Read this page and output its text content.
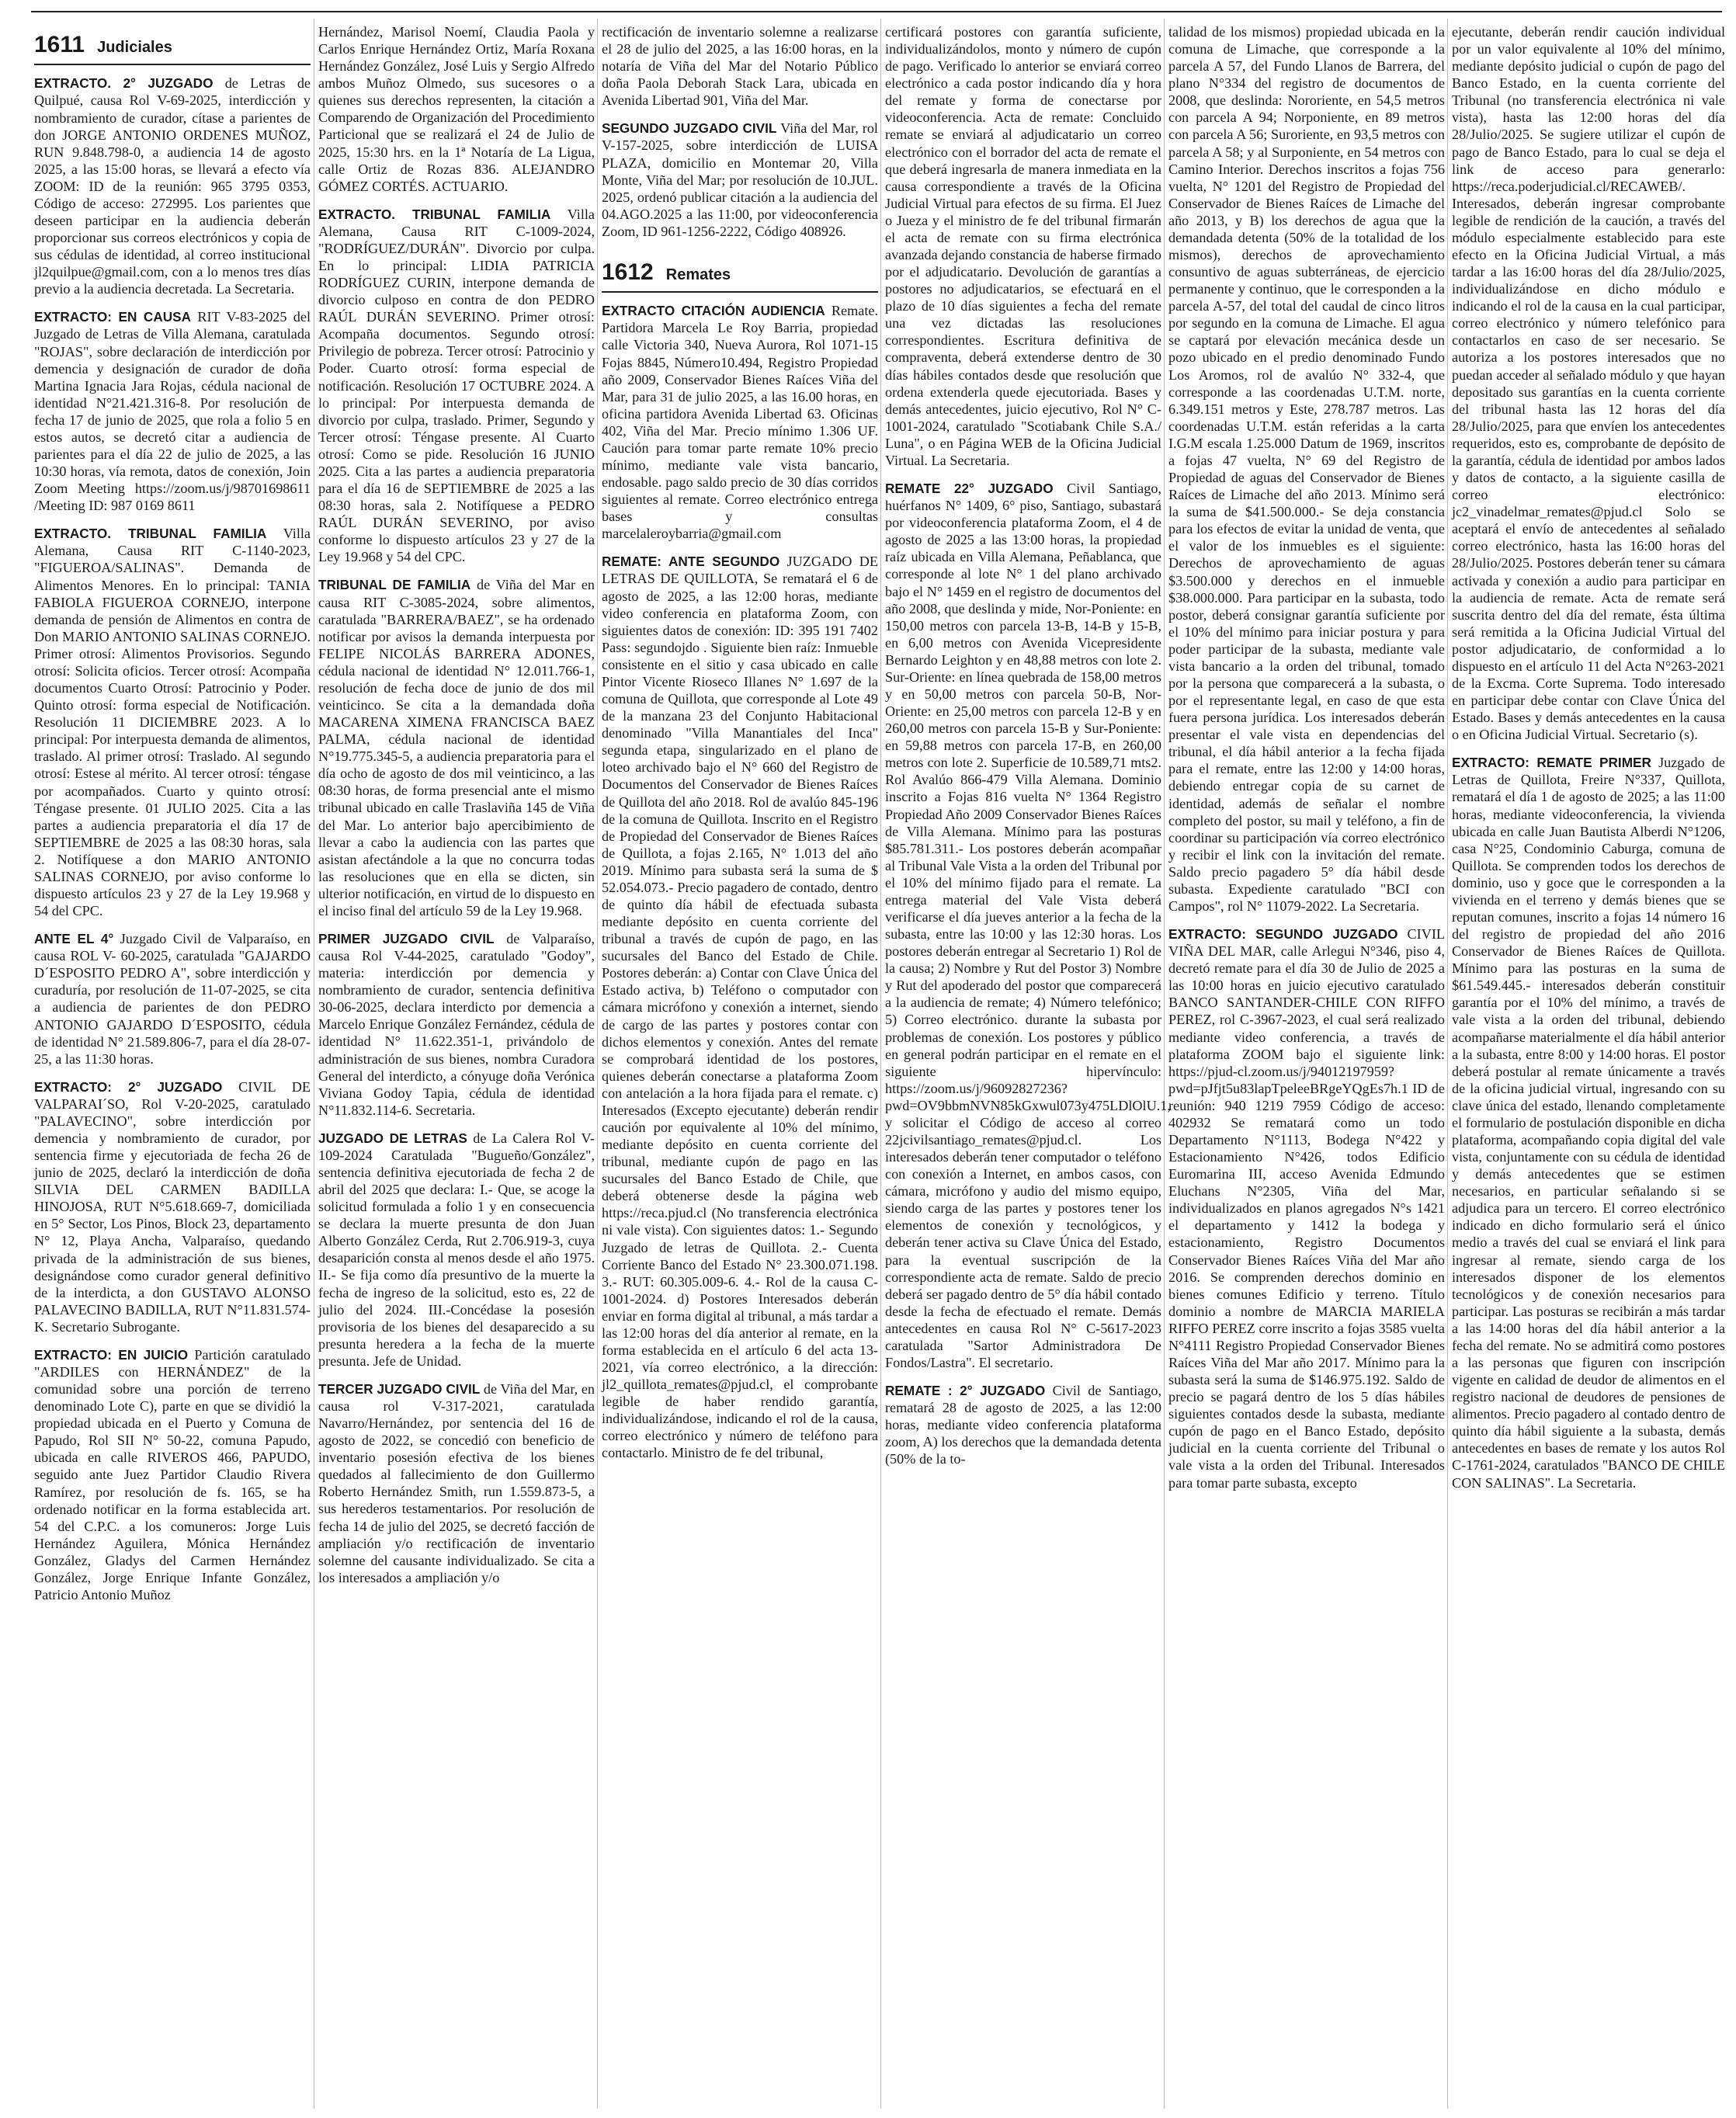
1611 Judiciales

EXTRACTO. 2° JUZGADO de Letras de Quilpué, causa Rol V-69-2025, interdicción y nombramiento de curador, cítase a parientes de don JORGE ANTONIO ORDENES MUÑOZ, RUN 9.848.798-0, a audiencia 14 de agosto 2025, a las 15:00 horas, se llevará a efecto vía ZOOM: ID de la reunión: 965 3795 0353, Código de acceso: 272995. Los parientes que deseen participar en la audiencia deberán proporcionar sus correos electrónicos y copia de sus cédulas de identidad, al correo institucional jl2quilpue@gmail.com, con a lo menos tres días previo a la audiencia decretada. La Secretaria.

EXTRACTO: EN CAUSA RIT V-83-2025 del Juzgado de Letras de Villa Alemana, caratulada "ROJAS", sobre declaración de interdicción por demencia y designación de curador de doña Martina Ignacia Jara Rojas, cédula nacional de identidad N°21.421.316-8. Por resolución de fecha 17 de junio de 2025, que rola a folio 5 en estos autos, se decretó citar a audiencia de parientes para el día 22 de julio de 2025, a las 10:30 horas, vía remota, datos de conexión, Join Zoom Meeting https://zoom.us/j/98701698611 /Meeting ID: 987 0169 8611

EXTRACTO. TRIBUNAL FAMILIA Villa Alemana, Causa RIT C-1140-2023, "FIGUEROA/SALINAS". Demanda de Alimentos Menores. En lo principal: TANIA FABIOLA FIGUEROA CORNEJO, interpone demanda de pensión de Alimentos en contra de Don MARIO ANTONIO SALINAS CORNEJO. Primer otrosí: Alimentos Provisorios. Segundo otrosí: Solicita oficios. Tercer otrosí: Acompaña documentos Cuarto Otrosí: Patrocinio y Poder. Quinto otrosí: forma especial de Notificación. Resolución 11 DICIEMBRE 2023. A lo principal: Por interpuesta demanda de alimentos, traslado. Al primer otrosí: Traslado. Al segundo otrosí: Estese al mérito. Al tercer otrosí: téngase por acompañados. Cuarto y quinto otrosí: Téngase presente. 01 JULIO 2025. Cita a las partes a audiencia preparatoria el día 17 de SEPTIEMBRE de 2025 a las 08:30 horas, sala 2. Notifíquese a don MARIO ANTONIO SALINAS CORNEJO, por aviso conforme lo dispuesto artículos 23 y 27 de la Ley 19.968 y 54 del CPC.

ANTE EL 4° Juzgado Civil de Valparaíso, en causa ROL V- 60-2025, caratulada "GAJARDO D´ESPOSITO PEDRO A", sobre interdicción y curaduría, por resolución de 11-07-2025, se cita a audiencia de parientes de don PEDRO ANTONIO GAJARDO D´ESPOSITO, cédula de identidad N° 21.589.806-7, para el día 28-07-25, a las 11:30 horas.

EXTRACTO: 2° JUZGADO CIVIL DE VALPARAI´SO, Rol V-20-2025, caratulado "PALAVECINO", sobre interdicción por demencia y nombramiento de curador, por sentencia firme y ejecutoriada de fecha 26 de junio de 2025, declaró la interdicción de doña SILVIA DEL CARMEN BADILLA HINOJOSA, RUT N°5.618.669-7, domiciliada en 5° Sector, Los Pinos, Block 23, departamento N° 12, Playa Ancha, Valparaíso, quedando privada de la administración de sus bienes, designándose como curador general definitivo de la interdicta, a don GUSTAVO ALONSO PALAVECINO BADILLA, RUT N°11.831.574-K. Secretario Subrogante.

EXTRACTO: EN JUICIO Partición caratulado "ARDILES con HERNÁNDEZ" de la comunidad sobre una porción de terreno denominado Lote C), parte en que se dividió la propiedad ubicada en el Puerto y Comuna de Papudo, Rol SII N° 50-22, comuna Papudo, ubicada en calle RIVEROS 466, PAPUDO, seguido ante Juez Partidor Claudio Rivera Ramírez, por resolución de fs. 165, se ha ordenado notificar en la forma establecida art. 54 del C.P.C. a los comuneros: Jorge Luis Hernández Aguilera, Mónica Hernández González, Gladys del Carmen Hernández González, Jorge Enrique Infante González, Patricio Antonio Muñoz

Hernández, Marisol Noemí, Claudia Paola y Carlos Enrique Hernández Ortiz, María Roxana Hernández González, José Luis y Sergio Alfredo ambos Muñoz Olmedo, sus sucesores o a quienes sus derechos representen, la citación a Comparendo de Organización del Procedimiento Particional que se realizará el 24 de Julio de 2025, 15:30 hrs. en la 1ª Notaría de La Ligua, calle Ortiz de Rozas 836. ALEJANDRO GÓMEZ CORTÉS. ACTUARIO.

EXTRACTO. TRIBUNAL FAMILIA Villa Alemana, Causa RIT C-1009-2024, "RODRÍGUEZ/DURÁN". Divorcio por culpa. En lo principal: LIDIA PATRICIA RODRÍGUEZ CURIN, interpone demanda de divorcio culposo en contra de don PEDRO RAÚL DURÁN SEVERINO. Primer otrosí: Acompaña documentos. Segundo otrosí: Privilegio de pobreza. Tercer otrosí: Patrocinio y Poder. Cuarto otrosí: forma especial de notificación. Resolución 17 OCTUBRE 2024. A lo principal: Por interpuesta demanda de divorcio por culpa, traslado. Primer, Segundo y Tercer otrosí: Téngase presente. Al Cuarto otrosí: Como se pide. Resolución 16 JUNIO 2025. Cita a las partes a audiencia preparatoria para el día 16 de SEPTIEMBRE de 2025 a las 08:30 horas, sala 2. Notifíquese a PEDRO RAÚL DURÁN SEVERINO, por aviso conforme lo dispuesto artículos 23 y 27 de la Ley 19.968 y 54 del CPC.

TRIBUNAL DE FAMILIA de Viña del Mar en causa RIT C-3085-2024, sobre alimentos, caratulada "BARRERA/BAEZ", se ha ordenado notificar por avisos la demanda interpuesta por FELIPE NICOLÁS BARRERA ADONES, cédula nacional de identidad N° 12.011.766-1, resolución de fecha doce de junio de dos mil veinticinco. Se cita a la demandada doña MACARENA XIMENA FRANCISCA BAEZ PALMA, cédula nacional de identidad N°19.775.345-5, a audiencia preparatoria para el día ocho de agosto de dos mil veinticinco, a las 08:30 horas, de forma presencial ante el mismo tribunal ubicado en calle Traslaviña 145 de Viña del Mar. Lo anterior bajo apercibimiento de llevar a cabo la audiencia con las partes que asistan afectándole a la que no concurra todas las resoluciones que en ella se dicten, sin ulterior notificación, en virtud de lo dispuesto en el inciso final del artículo 59 de la Ley 19.968.

PRIMER JUZGADO CIVIL de Valparaíso, causa Rol V-44-2025, caratulado "Godoy", materia: interdicción por demencia y nombramiento de curador, sentencia definitiva 30-06-2025, declara interdicto por demencia a Marcelo Enrique González Fernández, cédula de identidad N° 11.622.351-1, privándolo de administración de sus bienes, nombra Curadora General del interdicto, a cónyuge doña Verónica Viviana Godoy Tapia, cédula de identidad N°11.832.114-6. Secretaria.

JUZGADO DE LETRAS de La Calera Rol V-109-2024 Caratulada "Bugueño/González", sentencia definitiva ejecutoriada de fecha 2 de abril del 2025 que declara: I.- Que, se acoge la solicitud formulada a folio 1 y en consecuencia se declara la muerte presunta de don Juan Alberto González Cerda, Rut 2.706.919-3, cuya desaparición consta al menos desde el año 1975. II.- Se fija como día presuntivo de la muerte la fecha de ingreso de la solicitud, esto es, 22 de julio del 2024. III.-Concédase la posesión provisoria de los bienes del desaparecido a su presunta heredera a la fecha de la muerte presunta. Jefe de Unidad.

TERCER JUZGADO CIVIL de Viña del Mar, en causa rol V-317-2021, caratulada Navarro/Hernández, por sentencia del 16 de agosto de 2022, se concedió con beneficio de inventario posesión efectiva de los bienes quedados al fallecimiento de don Guillermo Roberto Hernández Smith, run 1.559.873-5, a sus herederos testamentarios. Por resolución de fecha 14 de julio del 2025, se decretó facción de ampliación y/o rectificación de inventario solemne del causante individualizado. Se cita a los interesados a ampliación y/o

rectificación de inventario solemne a realizarse el 28 de julio del 2025, a las 16:00 horas, en la notaría de Viña del Mar del Notario Público doña Paola Deborah Stack Lara, ubicada en Avenida Libertad 901, Viña del Mar.

SEGUNDO JUZGADO CIVIL Viña del Mar, rol V-157-2025, sobre interdicción de LUISA PLAZA, domicilio en Montemar 20, Villa Monte, Viña del Mar; por resolución de 10.JUL. 2025, ordenó publicar citación a la audiencia del 04.AGO.2025 a las 11:00, por videoconferencia Zoom, ID 961-1256-2222, Código 408926.

1612 Remates

EXTRACTO CITACIÓN AUDIENCIA Remate. Partidora Marcela Le Roy Barria, propiedad calle Victoria 340, Nueva Aurora, Rol 1071-15 Fojas 8845, Número10.494, Registro Propiedad año 2009, Conservador Bienes Raíces Viña del Mar, para 31 de julio 2025, a las 16.00 horas, en oficina partidora Avenida Libertad 63. Oficinas 402, Viña del Mar. Precio mínimo 1.306 UF. Caución para tomar parte remate 10% precio mínimo, mediante vale vista bancario, endosable. pago saldo precio de 30 días corridos siguientes al remate. Correo electrónico entrega bases y consultas marcelaleroybarria@gmail.com

REMATE: ANTE SEGUNDO JUZGADO DE LETRAS DE QUILLOTA, Se rematará el 6 de agosto de 2025, a las 12:00 horas, mediante video conferencia en plataforma Zoom, con siguientes datos de conexión: ID: 395 191 7402 Pass: segundojdo . Siguiente bien raíz: Inmueble consistente en el sitio y casa ubicado en calle Pintor Vicente Rioseco Illanes N° 1.697 de la comuna de Quillota, que corresponde al Lote 49 de la manzana 23 del Conjunto Habitacional denominado "Villa Manantiales del Inca" segunda etapa, singularizado en el plano de loteo archivado bajo el N° 660 del Registro de Documentos del Conservador de Bienes Raíces de Quillota del año 2018. Rol de avalúo 845-196 de la comuna de Quillota. Inscrito en el Registro de Propiedad del Conservador de Bienes Raíces de Quillota, a fojas 2.165, N° 1.013 del año 2019. Mínimo para subasta será la suma de $ 52.054.073.- Precio pagadero de contado, dentro de quinto día hábil de efectuada subasta mediante depósito en cuenta corriente del tribunal a través de cupón de pago, en las sucursales del Banco del Estado de Chile. Postores deberán: a) Contar con Clave Única del Estado activa, b) Teléfono o computador con cámara micrófono y conexión a internet, siendo de cargo de las partes y postores contar con dichos elementos y conexión. Antes del remate se comprobará identidad de los postores, quienes deberán conectarse a plataforma Zoom con antelación a la hora fijada para el remate. c) Interesados (Excepto ejecutante) deberán rendir caución por equivalente al 10% del mínimo, mediante depósito en cuenta corriente del tribunal, mediante cupón de pago en las sucursales del Banco Estado de Chile, que deberá obtenerse desde la página web https://reca.pjud.cl (No transferencia electrónica ni vale vista). Con siguientes datos: 1.- Segundo Juzgado de letras de Quillota. 2.- Cuenta Corriente Banco del Estado N° 23.300.071.198. 3.- RUT: 60.305.009-6. 4.- Rol de la causa C-1001-2024. d) Postores Interesados deberán enviar en forma digital al tribunal, a más tardar a las 12:00 horas del día anterior al remate, en la forma establecida en el artículo 6 del acta 13-2021, vía correo electrónico, a la dirección: jl2_quillota_remates@pjud.cl, el comprobante legible de haber rendido garantía, individualizándose, indicando el rol de la causa, correo electrónico y número de teléfono para contactarlo. Ministro de fe del tribunal,

certificará postores con garantía suficiente, individualizándolos, monto y número de cupón de pago. Verificado lo anterior se enviará correo electrónico a cada postor indicando día y hora del remate y forma de conectarse por videoconferencia. Acta de remate: Concluido remate se enviará al adjudicatario un correo electrónico con el borrador del acta de remate el que deberá ingresarla de manera inmediata en la causa correspondiente a través de la Oficina Judicial Virtual para efectos de su firma. El Juez o Jueza y el ministro de fe del tribunal firmarán el acta de remate con su firma electrónica avanzada dejando constancia de haberse firmado por el adjudicatario. Devolución de garantías a postores no adjudicatarios, se efectuará en el plazo de 10 días siguientes a fecha del remate una vez dictadas las resoluciones correspondientes. Escritura definitiva de compraventa, deberá extenderse dentro de 30 días hábiles contados desde que resolución que ordena extenderla quede ejecutoriada. Bases y demás antecedentes, juicio ejecutivo, Rol N° C-1001-2024, caratulado "Scotiabank Chile S.A./ Luna", o en Página WEB de la Oficina Judicial Virtual. La Secretaria.

REMATE 22° JUZGADO Civil Santiago, huérfanos N° 1409, 6° piso, Santiago, subastará por videoconferencia plataforma Zoom, el 4 de agosto de 2025 a las 13:00 horas, la propiedad raíz ubicada en Villa Alemana, Peñablanca, que corresponde al lote N° 1 del plano archivado bajo el N° 1459 en el registro de documentos del año 2008, que deslinda y mide, Nor-Poniente: en 150,00 metros con parcela 13-B, 14-B y 15-B, en 6,00 metros con Avenida Vicepresidente Bernardo Leighton y en 48,88 metros con lote 2. Sur-Oriente: en línea quebrada de 158,00 metros y en 50,00 metros con parcela 50-B, Nor-Oriente: en 25,00 metros con parcela 12-B y en 260,00 metros con parcela 15-B y Sur-Poniente: en 59,88 metros con parcela 17-B, en 260,00 metros con lote 2. Superficie de 10.589,71 mts2. Rol Avalúo 866-479 Villa Alemana. Dominio inscrito a Fojas 816 vuelta N° 1364 Registro Propiedad Año 2009 Conservador Bienes Raíces de Villa Alemana. Mínimo para las posturas $85.781.311.- Los postores deberán acompañar al Tribunal Vale Vista a la orden del Tribunal por el 10% del mínimo fijado para el remate. La entrega material del Vale Vista deberá verificarse el día jueves anterior a la fecha de la subasta, entre las 10:00 y las 12:30 horas. Los postores deberán entregar al Secretario 1) Rol de la causa; 2) Nombre y Rut del Postor 3) Nombre y Rut del apoderado del postor que comparecerá a la audiencia de remate; 4) Número telefónico; 5) Correo electrónico. durante la subasta por problemas de conexión. Los postores y público en general podrán participar en el remate en el siguiente hipervínculo: https://zoom.us/j/96092827236?pwd=OV9bbmNVN85kGxwul073y475LDlOlU.1, y solicitar el Código de acceso al correo 22jcivilsantiago_remates@pjud.cl. Los interesados deberán tener computador o teléfono con conexión a Internet, en ambos casos, con cámara, micrófono y audio del mismo equipo, siendo carga de las partes y postores tener los elementos de conexión y tecnológicos, y deberán tener activa su Clave Única del Estado, para la eventual suscripción de la correspondiente acta de remate. Saldo de precio deberá ser pagado dentro de 5° día hábil contado desde la fecha de efectuado el remate. Demás antecedentes en causa Rol N° C-5617-2023 caratulada "Sartor Administradora De Fondos/Lastra". El secretario.

REMATE : 2° JUZGADO Civil de Santiago, rematará 28 de agosto de 2025, a las 12:00 horas, mediante video conferencia plataforma zoom, A) los derechos que la demandada detenta (50% de la to-

talidad de los mismos) propiedad ubicada en la comuna de Limache, que corresponde a la parcela A 57, del Fundo Llanos de Barrera, del plano N°334 del registro de documentos de 2008, que deslinda: Nororiente, en 54,5 metros con parcela A 94; Norponiente, en 89 metros con parcela A 56; Suroriente, en 93,5 metros con parcela A 58; y al Surponiente, en 54 metros con Camino Interior. Derechos inscritos a fojas 756 vuelta, N° 1201 del Registro de Propiedad del Conservador de Bienes Raíces de Limache del año 2013, y B) los derechos de agua que la demandada detenta (50% de la totalidad de los mismos), derechos de aprovechamiento consuntivo de aguas subterráneas, de ejercicio permanente y continuo, que le corresponden a la parcela A-57, del total del caudal de cinco litros por segundo en la comuna de Limache. El agua se captará por elevación mecánica desde un pozo ubicado en el predio denominado Fundo Los Aromos, rol de avalúo N° 332-4, que corresponde a las coordenadas U.T.M. norte, 6.349.151 metros y Este, 278.787 metros. Las coordenadas U.T.M. están referidas a la carta I.G.M escala 1.25.000 Datum de 1969, inscritos a fojas 47 vuelta, N° 69 del Registro de Propiedad de aguas del Conservador de Bienes Raíces de Limache del año 2013. Mínimo será la suma de $41.500.000.- Se deja constancia para los efectos de evitar la unidad de venta, que el valor de los inmuebles es el siguiente: Derechos de aprovechamiento de aguas $3.500.000 y derechos en el inmueble $38.000.000. Para participar en la subasta, todo postor, deberá consignar garantía suficiente por el 10% del mínimo para iniciar postura y para poder participar de la subasta, mediante vale vista bancario a la orden del tribunal, tomado por la persona que comparecerá a la subasta, o por el representante legal, en caso de que esta fuera persona jurídica. Los interesados deberán presentar el vale vista en dependencias del tribunal, el día hábil anterior a la fecha fijada para el remate, entre las 12:00 y 14:00 horas, debiendo entregar copia de su carnet de identidad, además de señalar el nombre completo del postor, su mail y teléfono, a fin de coordinar su participación vía correo electrónico y recibir el link con la invitación del remate. Saldo precio pagadero 5° día hábil desde subasta. Expediente caratulado "BCI con Campos", rol N° 11079-2022. La Secretaria.

EXTRACTO: SEGUNDO JUZGADO CIVIL VIÑA DEL MAR, calle Arlegui N°346, piso 4, decretó remate para el día 30 de Julio de 2025 a las 10:00 horas en juicio ejecutivo caratulado BANCO SANTANDER-CHILE CON RIFFO PEREZ, rol C-3967-2023, el cual será realizado mediante video conferencia, a través de plataforma ZOOM bajo el siguiente link: https://pjud-cl.zoom.us/j/94012197959?pwd=pJfjt5u83lapTpeleeBRgeYQgEs7h.1 ID de reunión: 940 1219 7959 Código de acceso: 402932 Se rematará como un todo Departamento N°1113, Bodega N°422 y Estacionamiento N°426, todos Edificio Euromarina III, acceso Avenida Edmundo Eluchans N°2305, Viña del Mar, individualizados en planos agregados N°s 1421 el departamento y 1412 la bodega y estacionamiento, Registro Documentos Conservador Bienes Raíces Viña del Mar año 2016. Se comprenden derechos dominio en bienes comunes Edificio y terreno. Título dominio a nombre de MARCIA MARIELA RIFFO PEREZ corre inscrito a fojas 3585 vuelta N°4111 Registro Propiedad Conservador Bienes Raíces Viña del Mar año 2017. Mínimo para la subasta será la suma de $146.975.192. Saldo de precio se pagará dentro de los 5 días hábiles siguientes contados desde la subasta, mediante cupón de pago en el Banco Estado, depósito judicial en la cuenta corriente del Tribunal o vale vista a la orden del Tribunal. Interesados para tomar parte subasta, excepto

ejecutante, deberán rendir caución individual por un valor equivalente al 10% del mínimo, mediante depósito judicial o cupón de pago del Banco Estado, en la cuenta corriente del Tribunal (no transferencia electrónica ni vale vista), hasta las 12:00 horas del día 28/Julio/2025. Se sugiere utilizar el cupón de pago de Banco Estado, para lo cual se deja el link de acceso para generarlo: https://reca.poderjudicial.cl/RECAWEB/. Interesados, deberán ingresar comprobante legible de rendición de la caución, a través del módulo especialmente establecido para este efecto en la Oficina Judicial Virtual, a más tardar a las 16:00 horas del día 28/Julio/2025, individualizándose en dicho módulo e indicando el rol de la causa en la cual participar, correo electrónico y número telefónico para contactarlos en caso de ser necesario. Se autoriza a los postores interesados que no puedan acceder al señalado módulo y que hayan depositado sus garantías en la cuenta corriente del tribunal hasta las 12 horas del día 28/Julio/2025, para que envíen los antecedentes requeridos, esto es, comprobante de depósito de la garantía, cédula de identidad por ambos lados y datos de contacto, a la siguiente casilla de correo electrónico: jc2_vinadelmar_remates@pjud.cl Solo se aceptará el envío de antecedentes al señalado correo electrónico, hasta las 16:00 horas del 28/Julio/2025. Postores deberán tener su cámara activada y conexión a audio para participar en la audiencia de remate. Acta de remate será suscrita dentro del día del remate, ésta última será remitida a la Oficina Judicial Virtual del postor adjudicatario, de conformidad a lo dispuesto en el artículo 11 del Acta N°263-2021 de la Excma. Corte Suprema. Todo interesado en participar debe contar con Clave Única del Estado. Bases y demás antecedentes en la causa o en Oficina Judicial Virtual. Secretario (s).

EXTRACTO: REMATE PRIMER Juzgado de Letras de Quillota, Freire N°337, Quillota, rematará el día 1 de agosto de 2025; a las 11:00 horas, mediante videoconferencia, la vivienda ubicada en calle Juan Bautista Alberdi N°1206, casa N°25, Condominio Caburga, comuna de Quillota. Se comprenden todos los derechos de dominio, uso y goce que le corresponden a la vivienda en el terreno y demás bienes que se reputan comunes, inscrito a fojas 14 número 16 del registro de propiedad del año 2016 Conservador de Bienes Raíces de Quillota. Mínimo para las posturas en la suma de $61.549.445.- interesados deberán constituir garantía por el 10% del mínimo, a través de vale vista a la orden del tribunal, debiendo acompañarse materialmente el día hábil anterior a la subasta, entre 8:00 y 14:00 horas. El postor deberá postular al remate únicamente a través de la oficina judicial virtual, ingresando con su clave única del estado, llenando completamente el formulario de postulación disponible en dicha plataforma, acompañando copia digital del vale vista, conjuntamente con su cédula de identidad y demás antecedentes que se estimen necesarios, en particular señalando si se adjudica para un tercero. El correo electrónico indicado en dicho formulario será el único medio a través del cual se enviará el link para ingresar al remate, siendo carga de los interesados disponer de los elementos tecnológicos y de conexión necesarios para participar. Las posturas se recibirán a más tardar a las 14:00 horas del día hábil anterior a la fecha del remate. No se admitirá como postores a las personas que figuren con inscripción vigente en calidad de deudor de alimentos en el registro nacional de deudores de pensiones de alimentos. Precio pagadero al contado dentro de quinto día hábil siguiente a la subasta, demás antecedentes en bases de remate y los autos Rol C-1761-2024, caratulados "BANCO DE CHILE CON SALINAS". La Secretaria.
